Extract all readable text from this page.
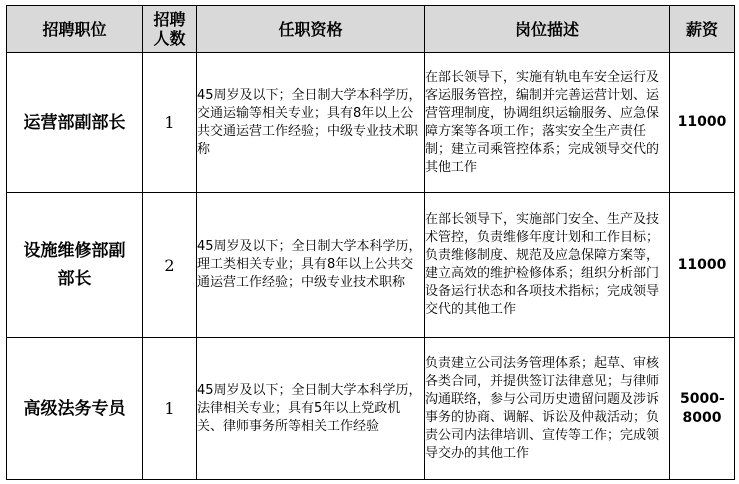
招聘职位	招聘人数	任职资格	岗位描述	薪资
运营部副部长	1	45周岁及以下；全日制大学本科学历，交通运输等相关专业；具有8年以上公共交通运营工作经验；中级专业技术职称	在部长领导下，实施有轨电车安全运行及客运服务管控，编制并完善运营计划、运营管理制度，协调组织运输服务、应急保障方案等各项工作；落实安全生产责任制；建立司乘管控体系；完成领导交代的其他工作	11000
设施维修部副部长	2	45周岁及以下；全日制大学本科学历，理工类相关专业；具有8年以上公共交通运营工作经验；中级专业技术职称	在部长领导下，实施部门安全、生产及技术管控，负责维修年度计划和工作目标；负责维修制度、规范及应急保障方案等，建立高效的维护检修体系；组织分析部门设备运行状态和各项技术指标；完成领导交代的其他工作	11000
高级法务专员	1	45周岁及以下；全日制大学本科学历，法律相关专业；具有5年以上党政机关、律师事务所等相关工作经验	负责建立公司法务管理体系；起草、审核各类合同，并提供签订法律意见；与律师沟通联络，参与公司历史遗留问题及涉诉事务的协商、调解、诉讼及仲裁活动；负责公司内法律培训、宣传等工作；完成领导交办的其他工作	5000-8000
